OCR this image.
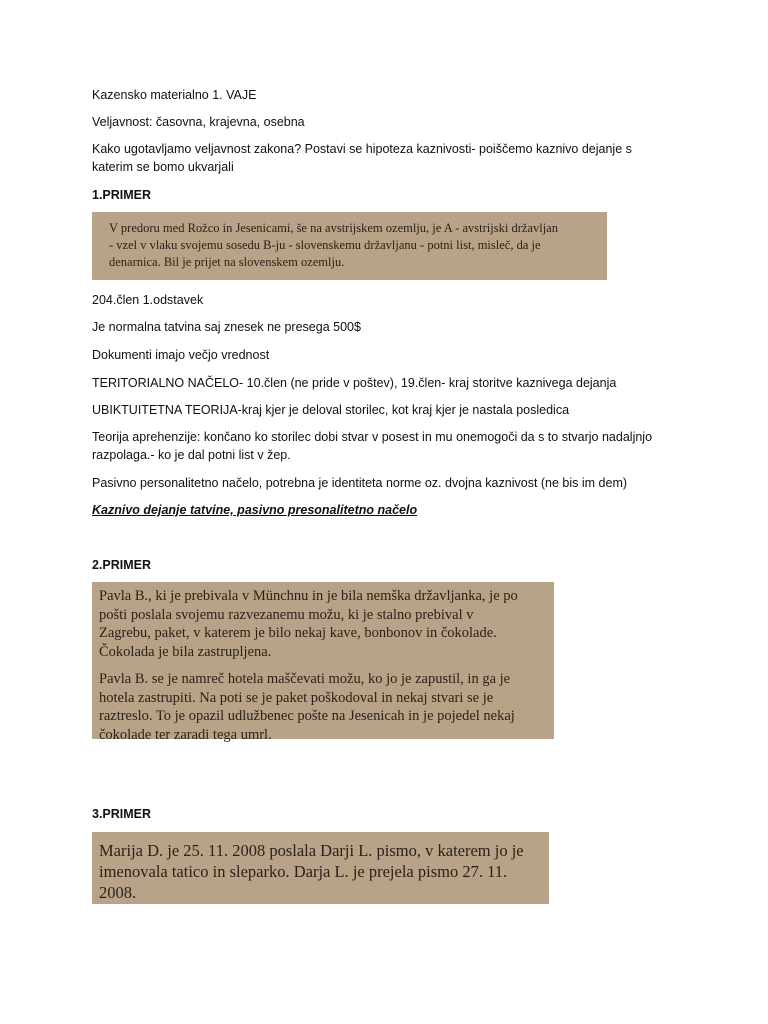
Kazensko materialno 1. VAJE

Veljavnost: časovna, krajevna, osebna

Kako ugotavljamo veljavnost zakona? Postavi se hipoteza kaznivosti- poiščemo kaznivo dejanje s

katerim se bomo ukvarjali

1.PRIMER

V predoru med Rožco in Jesenicami, še na avstrijskem ozemlju, je A - avstrijski državljan

- vzel v vlaku svojemu sosedu B-ju - slovenskemu državljanu - potni list, misleč, da je

denarnica. Bil je prijet na slovenskem ozemlju.

204.člen 1.odstavek

Je normalna tatvina saj znesek ne presega 500$

Dokumenti imajo večjo vrednost

TERITORIALNO NAČELO- 10.člen (ne pride v poštev), 19.člen- kraj storitve kaznivega dejanja

UBIKTUITETNA TEORIJA-kraj kjer je deloval storilec, kot kraj kjer je nastala posledica

Teorija aprehenzije: končano ko storilec dobi stvar v posest in mu onemogoči da s to stvarjo nadaljnjo

razpolaga.- ko je dal potni list v žep.

Pasivno personalitetno načelo, potrebna je identiteta norme oz. dvojna kaznivost (ne bis im dem)

Kaznivo dejanje tatvine, pasivno presonalitetno načelo

2.PRIMER

Pavla B., ki je prebivala v Münchnu in je bila nemška državljanka, je po

pošti poslala svojemu razvezanemu možu, ki je stalno prebival v

Zagrebu, paket, v katerem je bilo nekaj kave, bonbonov in čokolade.

Čokolada je bila zastrupljena.

Pavla B. se je namreč hotela maščevati možu, ko jo je zapustil, in ga je

hotela zastrupiti. Na poti se je paket poškodoval in nekaj stvari se je

raztreslo. To je opazil udlužbenec pošte na Jesenicah in je pojedel nekaj

čokolade ter zaradi tega umrl.

3.PRIMER

Marija D. je 25. 11. 2008 poslala Darji L. pismo, v katerem jo je

imenovala tatico in sleparko. Darja L. je prejela pismo 27. 11.

2008.
